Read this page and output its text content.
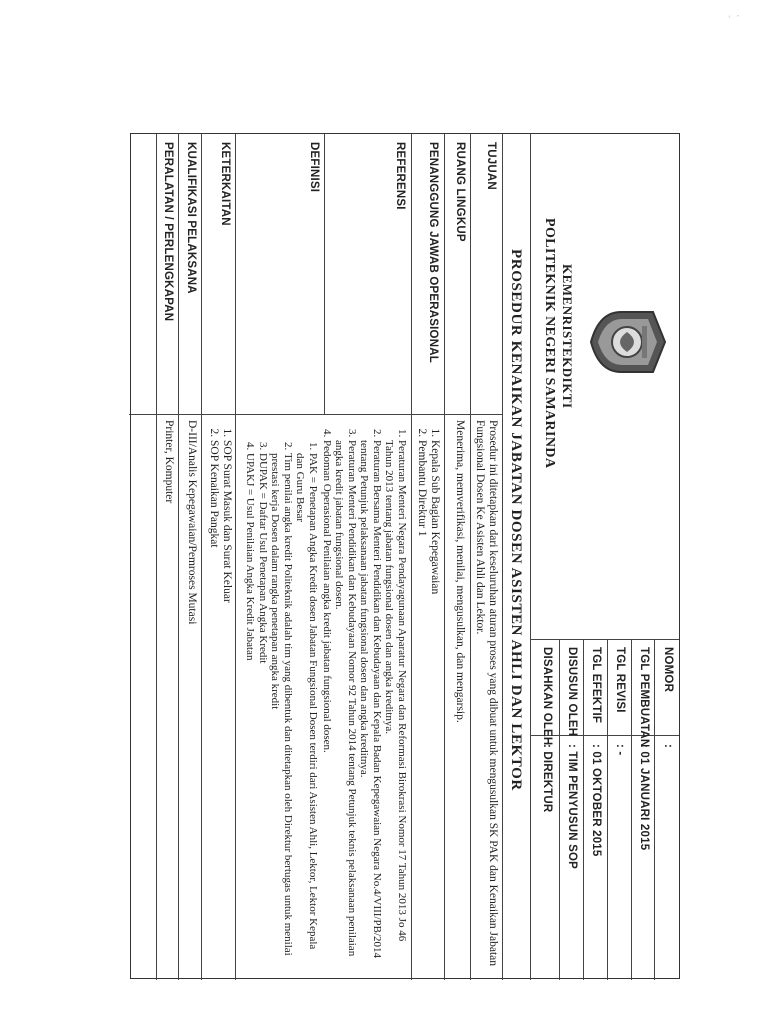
ʻ   ˆ
KEMENRISTEKDIKTI
POLITEKNIK NEGERI SAMARINDA
NOMOR
:
TGL PEMBUATAN
: 01 JANUARI 2015
TGL REVISI
: -
TGL EFEKTIF
: 01 OKTOBER 2015
DISUSUN OLEH
: TIM PENYUSUN SOP
DISAHKAN OLEH
: DIREKTUR
PROSEDUR KENAIKAN JABATAN DOSEN ASISTEN AHLI DAN LEKTOR
TUJUAN
Prosedur ini ditetapkan dari keseluruhan aturan proses yang dibuat untuk mengusulkan SK PAK dan Kenaikan Jabatan Fungsional Dosen Ke Asisten Ahli dan Lektor.
RUANG LINGKUP
Menerima, memverifikasi, menilai, mengusulkan, dan mengarsip.
PENANGGUNG JAWAB OPERASIONAL
1. Kepala Sub Bagian Kepegawaian
2. Pembantu Direktur 1
REFERENSI
1. Peraturan Menteri Negara Pendayagunaan Aparatur Negara dan Reformasi Birokrasi Nomor 17 Tahun 2013 Jo 46 Tahun 2013 tentang jabatan fungsional dosen dan angka kreditnya.
2. Peraturan Bersama Menteri Pendidikan dan Kebudayaan dan Kepala Badan Kepegawaian Negara No.4/VIII/PB/2014 tentang Petunjuk pelaksanaan jabatan fungsional dosen dan angka kreditnya.
3. Peraturan Menteri Pendidikan dan Kebudayaan Nomor 92 Tahun 2014 tentang Petunjuk teknis pelaksanaan penilaian angka kredit jabatan fungsional dosen.
4. Pedoman Operasional Penilaian angka kredit jabatan fungsional dosen.
DEFINISI
1. PAK = Penetapan Angka Kredit dosen Jabatan Fungsional Dosen terdiri dari Asisten Ahli, Lektor, Lektor Kepala dan Guru Besar
2. Tim penilai angka kredit Politeknik adalah tim yang dibentuk dan ditetapkan oleh Direktur bertugas untuk menilai prestasi kerja Dosen dalam rangka penetapan angka kredit
3. DUPAK = Daftar Usul Penetapan Angka Kredit
4. UPAKJ = Usul Penilaian Angka Kredit Jabatan
KETERKAITAN
1. SOP Surat Masuk dan Surat Keluar
2. SOP Kenaikan Pangkat
KUALIFIKASI PELAKSANA
D-III/Analis Kepegawaian/Pemroses Mutasi
PERALATAN / PERLENGKAPAN
Printer, Komputer
